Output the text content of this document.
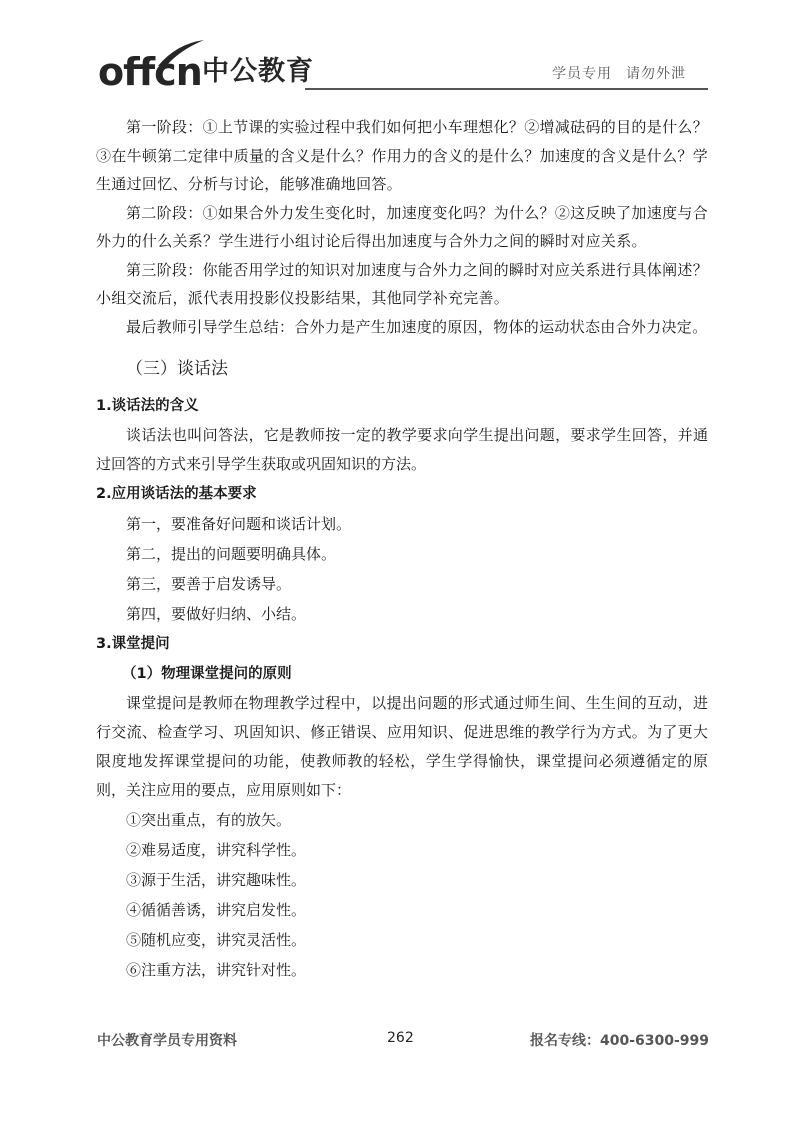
offcn 中公教育	学员专用 请勿外泄

第一阶段：①上节课的实验过程中我们如何把小车理想化？②增减砝码的目的是什么？③在牛顿第二定律中质量的含义是什么？作用力的含义的是什么？加速度的含义是什么？学生通过回忆、分析与讨论，能够准确地回答。

第二阶段：①如果合外力发生变化时，加速度变化吗？为什么？②这反映了加速度与合外力的什么关系？学生进行小组讨论后得出加速度与合外力之间的瞬时对应关系。

第三阶段：你能否用学过的知识对加速度与合外力之间的瞬时对应关系进行具体阐述？小组交流后，派代表用投影仪投影结果，其他同学补充完善。

最后教师引导学生总结：合外力是产生加速度的原因，物体的运动状态由合外力决定。

（三）谈话法

1.谈话法的含义

谈话法也叫问答法，它是教师按一定的教学要求向学生提出问题，要求学生回答，并通过回答的方式来引导学生获取或巩固知识的方法。

2.应用谈话法的基本要求

第一，要准备好问题和谈话计划。

第二，提出的问题要明确具体。

第三，要善于启发诱导。

第四，要做好归纳、小结。

3.课堂提问

（1）物理课堂提问的原则

课堂提问是教师在物理教学过程中，以提出问题的形式通过师生间、生生间的互动，进行交流、检查学习、巩固知识、修正错误、应用知识、促进思维的教学行为方式。为了更大限度地发挥课堂提问的功能，使教师教的轻松，学生学得愉快，课堂提问必须遵循定的原则，关注应用的要点，应用原则如下：

①突出重点，有的放矢。

②难易适度，讲究科学性。

③源于生活，讲究趣味性。

④循循善诱，讲究启发性。

⑤随机应变，讲究灵活性。

⑥注重方法，讲究针对性。

中公教育学员专用资料	262	报名专线：400-6300-999
